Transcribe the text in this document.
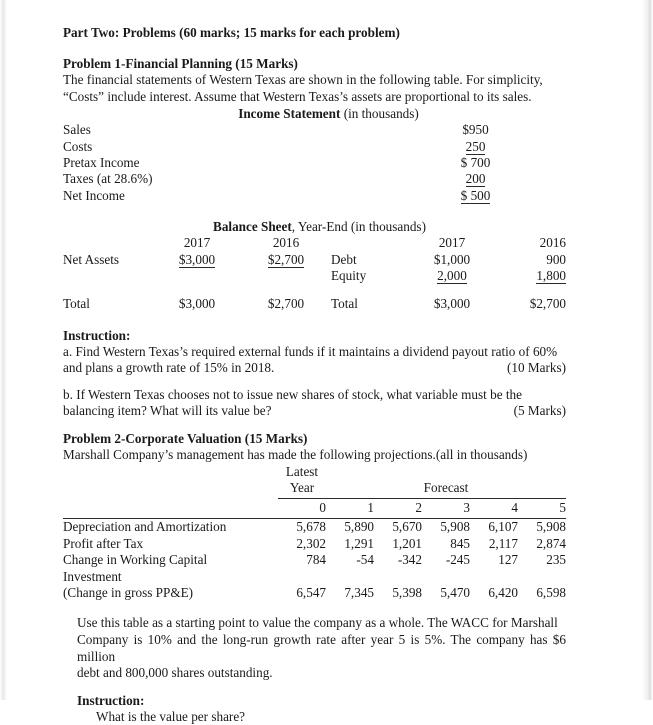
Part Two: Problems (60 marks; 15 marks for each problem)

Problem 1-Financial Planning (15 Marks)

The financial statements of Western Texas are shown in the following table. For simplicity,

“Costs” include interest. Assume that Western Texas’s assets are proportional to its sales.

Income Statement (in thousands)

Sales	$950
Costs	250
Pretax Income	$ 700
Taxes (at 28.6%)	200
Net Income	$ 500

Balance Sheet, Year-End (in thousands)

	2017	2016		2017	2016
Net Assets	$3,000	$2,700	Debt	$1,000	900
			Equity	2,000	1,800

Total	$3,000	$2,700	Total	$3,000	$2,700

Instruction:

a. Find Western Texas’s required external funds if it maintains a dividend payout ratio of 60%

and plans a growth rate of 15% in 2018.	(10 Marks)

b. If Western Texas chooses not to issue new shares of stock, what variable must be the

balancing item? What will its value be?	(5 Marks)

Problem 2-Corporate Valuation (15 Marks)

Marshall Company’s management has made the following projections.(all in thousands)

	Latest					
	Year	Forecast				

	0	1	2	3	4	5

Depreciation and Amortization	5,678	5,890	5,670	5,908	6,107	5,908
Profit after Tax	2,302	1,291	1,201	845	2,117	2,874
Change in Working Capital	784	-54	-342	-245	127	235
Investment						
(Change in gross PP&E)	6,547	7,345	5,398	5,470	6,420	6,598

Use this table as a starting point to value the company as a whole. The WACC for Marshall

Company is 10% and the long-run growth rate after year 5 is 5%. The company has $6 million

debt and 800,000 shares outstanding.

Instruction:

What is the value per share?
